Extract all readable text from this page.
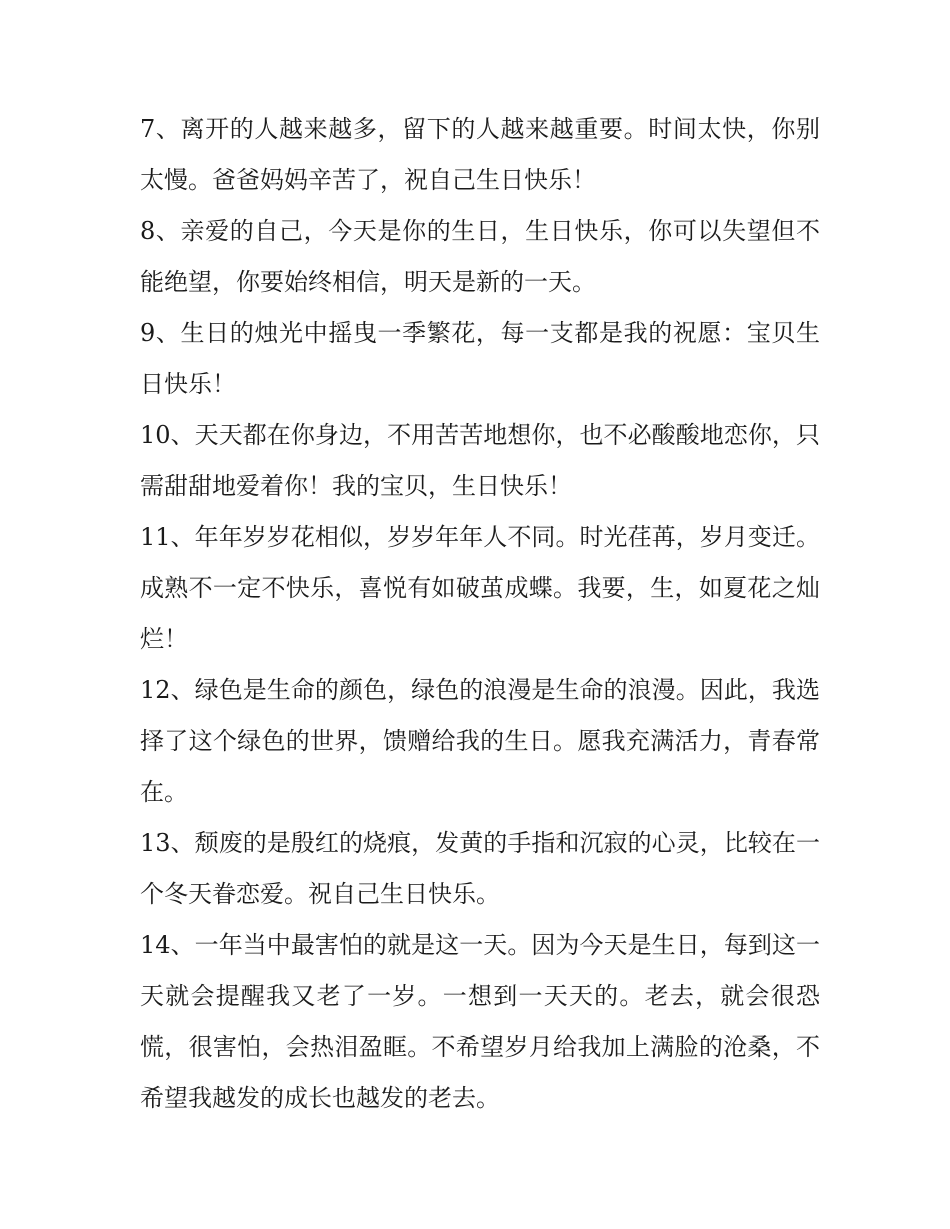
7、离开的人越来越多，留下的人越来越重要。时间太快，你别太慢。爸爸妈妈辛苦了，祝自己生日快乐！

8、亲爱的自己，今天是你的生日，生日快乐，你可以失望但不能绝望，你要始终相信，明天是新的一天。

9、生日的烛光中摇曳一季繁花，每一支都是我的祝愿：宝贝生日快乐！

10、天天都在你身边，不用苦苦地想你，也不必酸酸地恋你，只需甜甜地爱着你！我的宝贝，生日快乐！

11、年年岁岁花相似，岁岁年年人不同。时光荏苒，岁月变迁。成熟不一定不快乐，喜悦有如破茧成蝶。我要，生，如夏花之灿烂！

12、绿色是生命的颜色，绿色的浪漫是生命的浪漫。因此，我选择了这个绿色的世界，馈赠给我的生日。愿我充满活力，青春常在。

13、颓废的是殷红的烧痕，发黄的手指和沉寂的心灵，比较在一个冬天眷恋爱。祝自己生日快乐。

14、一年当中最害怕的就是这一天。因为今天是生日，每到这一天就会提醒我又老了一岁。一想到一天天的。老去，就会很恐慌，很害怕，会热泪盈眶。不希望岁月给我加上满脸的沧桑，不希望我越发的成长也越发的老去。
